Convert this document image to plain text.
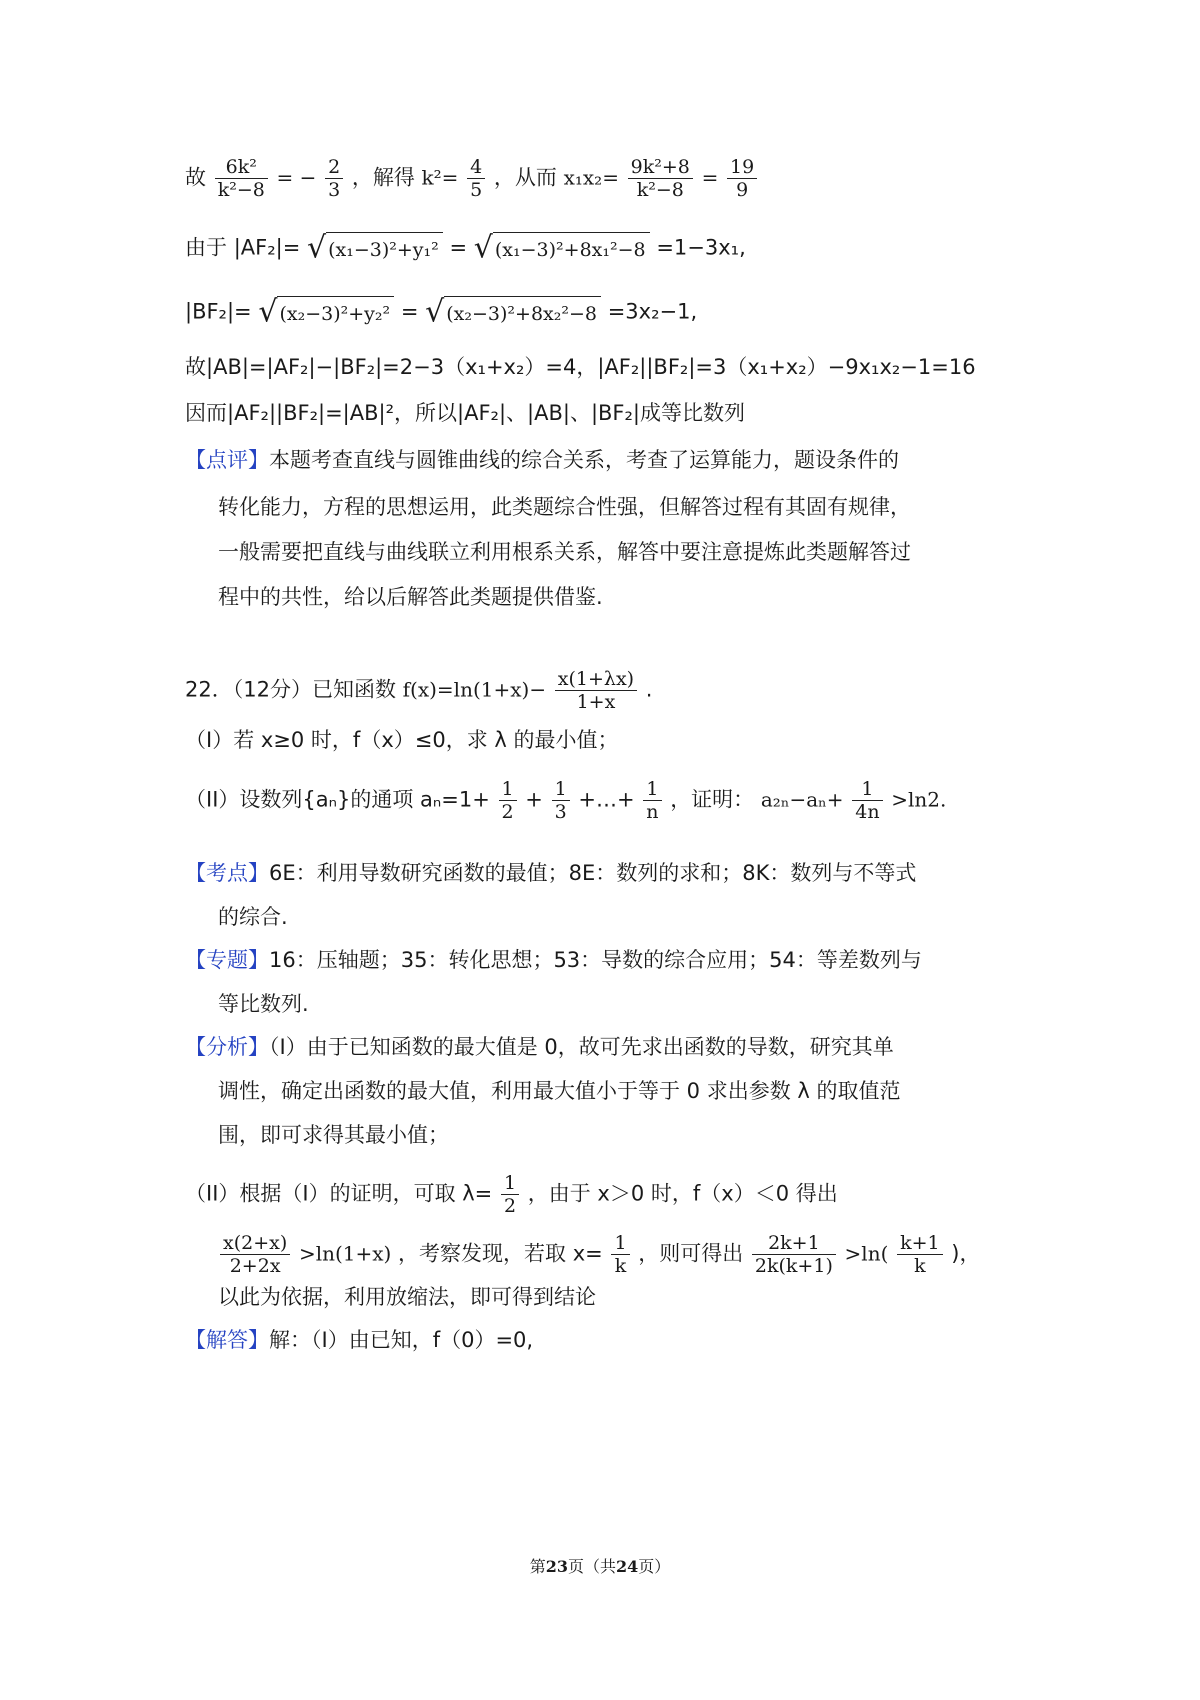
故 $\frac{\text{6k²}}{\text{k²−8}}$ = − $\frac{2}{3}$ ，解得 $k^2= \frac{4}{5}$ ，从而 $x_1x_2= \frac{\text{9k²+8}}{\text{k²−8}} = \frac{19}{9}$
由于 |AF₂|= √ (x₁−3)²+y₁² = √ (x₁−3)²+8x₁²−8 =1−3x₁,
|BF₂|= √ (x₂−3)²+y₂² = √ (x₂−3)²+8x₂²−8 =3x₂−1,
故|AB|=|AF₂|−|BF₂|=2−3（x₁+x₂）=4，|AF₂||BF₂|=3（x₁+x₂）−9x₁x₂−1=16
因而|AF₂||BF₂|=|AB|²，所以|AF₂|、|AB|、|BF₂|成等比数列
【点评】本题考查直线与圆锥曲线的综合关系，考查了运算能力，题设条件的
转化能力，方程的思想运用，此类题综合性强，但解答过程有其固有规律，
一般需要把直线与曲线联立利用根系关系，解答中要注意提炼此类题解答过
程中的共性，给以后解答此类题提供借鉴.
22．（12分）已知函数 $f(x)=\ln(1+x)- \frac{x(1+\lambda x)}{1+x}$ .
（I）若 x≥0 时，f（x）≤0，求 λ 的最小值；
（II）设数列{aₙ}的通项 $a_n=1+ \frac{1}{2} + \frac{1}{3}$ +…+ $\frac{1}{n}$ ，证明： $a_{2n}-a_n+ \frac{1}{4n} >\ln 2$.
【考点】6E：利用导数研究函数的最值；8E：数列的求和；8K：数列与不等式
的综合.
【专题】16：压轴题；35：转化思想；53：导数的综合应用；54：等差数列与
等比数列.
【分析】（I）由于已知函数的最大值是 0，故可先求出函数的导数，研究其单
调性，确定出函数的最大值，利用最大值小于等于 0 求出参数 λ 的取值范
围，即可求得其最小值；
（II）根据（I）的证明，可取 $\lambda= \frac{1}{2}$ ，由于 x＞0 时，f（x）＜0 得出
$\frac{x(2+x)}{2+2x} >\ln(1+x)$ ，考察发现，若取 $x= \frac{1}{k}$ ，则可得出 $\frac{2k+1}{2k(k+1)} >\ln( \frac{k+1}{k}$ )，
以此为依据，利用放缩法，即可得到结论
【解答】解：（I）由已知，f（0）=0,
第23页（共24页）
